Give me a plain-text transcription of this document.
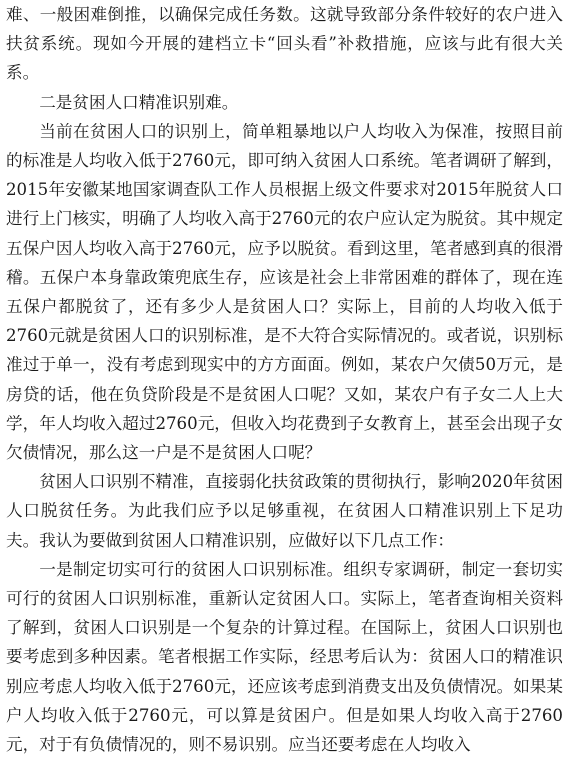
难、一般困难倒推，以确保完成任务数。这就导致部分条件较好的农户进入扶贫系统。现如今开展的建档立卡“回头看”补救措施，应该与此有很大关系。

二是贫困人口精准识别难。

当前在贫困人口的识别上，简单粗暴地以户人均收入为保准，按照目前的标准是人均收入低于2760元，即可纳入贫困人口系统。笔者调研了解到，2015年安徽某地国家调查队工作人员根据上级文件要求对2015年脱贫人口进行上门核实，明确了人均收入高于2760元的农户应认定为脱贫。其中规定五保户因人均收入高于2760元，应予以脱贫。看到这里，笔者感到真的很滑稽。五保户本身靠政策兜底生存，应该是社会上非常困难的群体了，现在连五保户都脱贫了，还有多少人是贫困人口？实际上，目前的人均收入低于2760元就是贫困人口的识别标准，是不大符合实际情况的。或者说，识别标准过于单一，没有考虑到现实中的方方面面。例如，某农户欠债50万元，是房贷的话，他在负贷阶段是不是贫困人口呢？又如，某农户有子女二人上大学，年人均收入超过2760元，但收入均花费到子女教育上，甚至会出现子女欠债情况，那么这一户是不是贫困人口呢？

贫困人口识别不精准，直接弱化扶贫政策的贯彻执行，影响2020年贫困人口脱贫任务。为此我们应予以足够重视，在贫困人口精准识别上下足功夫。我认为要做到贫困人口精准识别，应做好以下几点工作：

一是制定切实可行的贫困人口识别标准。组织专家调研，制定一套切实可行的贫困人口识别标准，重新认定贫困人口。实际上，笔者查询相关资料了解到，贫困人口识别是一个复杂的计算过程。在国际上，贫困人口识别也要考虑到多种因素。笔者根据工作实际，经思考后认为：贫困人口的精准识别应考虑人均收入低于2760元，还应该考虑到消费支出及负债情况。如果某户人均收入低于2760元，可以算是贫困户。但是如果人均收入高于2760元，对于有负债情况的，则不易识别。应当还要考虑在人均收入
